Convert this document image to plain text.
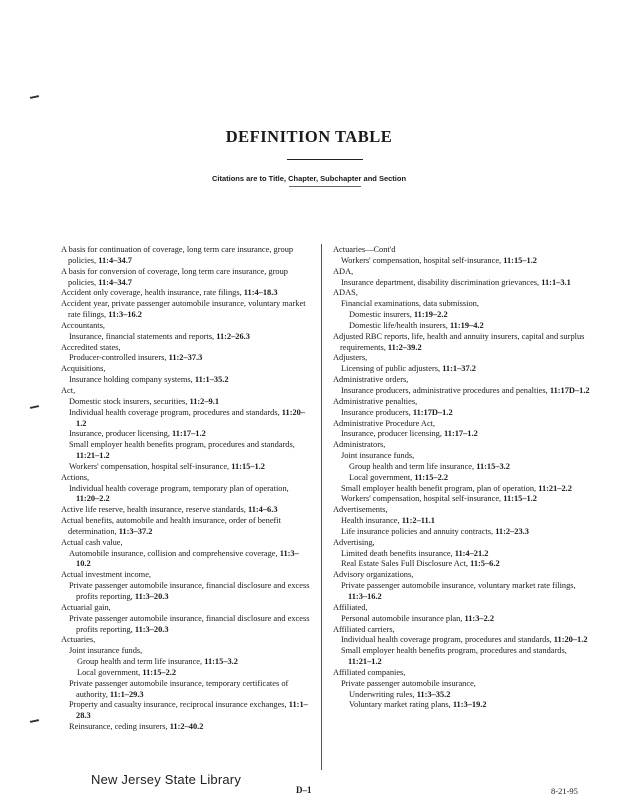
DEFINITION TABLE
Citations are to Title, Chapter, Subchapter and Section
A basis for continuation of coverage, long term care insurance, group policies, 11:4–34.7
A basis for conversion of coverage, long term care insurance, group policies, 11:4–34.7
Accident only coverage, health insurance, rate filings, 11:4–18.3
Accident year, private passenger automobile insurance, voluntary market rate filings, 11:3–16.2
Accountants,
Insurance, financial statements and reports, 11:2–26.3
Accredited states,
Producer-controlled insurers, 11:2–37.3
Acquisitions,
Insurance holding company systems, 11:1–35.2
Act,
Domestic stock insurers, securities, 11:2–9.1
Individual health coverage program, procedures and standards, 11:20–1.2
Insurance, producer licensing, 11:17–1.2
Small employer health benefits program, procedures and standards, 11:21–1.2
Workers' compensation, hospital self-insurance, 11:15–1.2
Actions,
Individual health coverage program, temporary plan of operation, 11:20–2.2
Active life reserve, health insurance, reserve standards, 11:4–6.3
Actual benefits, automobile and health insurance, order of benefit determination, 11:3–37.2
Actual cash value,
Automobile insurance, collision and comprehensive coverage, 11:3–10.2
Actual investment income,
Private passenger automobile insurance, financial disclosure and excess profits reporting, 11:3–20.3
Actuarial gain,
Private passenger automobile insurance, financial disclosure and excess profits reporting, 11:3–20.3
Actuaries,
Joint insurance funds,
Group health and term life insurance, 11:15–3.2
Local government, 11:15–2.2
Private passenger automobile insurance, temporary certificates of authority, 11:1–29.3
Property and casualty insurance, reciprocal insurance exchanges, 11:1–28.3
Reinsurance, ceding insurers, 11:2–40.2
Actuaries—Cont'd
Workers' compensation, hospital self-insurance, 11:15–1.2
ADA,
Insurance department, disability discrimination grievances, 11:1–3.1
ADAS,
Financial examinations, data submission,
Domestic insurers, 11:19–2.2
Domestic life/health insurers, 11:19–4.2
Adjusted RBC reports, life, health and annuity insurers, capital and surplus requirements, 11:2–39.2
Adjusters,
Licensing of public adjusters, 11:1–37.2
Administrative orders,
Insurance producers, administrative procedures and penalties, 11:17D–1.2
Administrative penalties,
Insurance producers, 11:17D–1.2
Administrative Procedure Act,
Insurance, producer licensing, 11:17–1.2
Administrators,
Joint insurance funds,
Group health and term life insurance, 11:15–3.2
Local government, 11:15–2.2
Small employer health benefit program, plan of operation, 11:21–2.2
Workers' compensation, hospital self-insurance, 11:15–1.2
Advertisements,
Health insurance, 11:2–11.1
Life insurance policies and annuity contracts, 11:2–23.3
Advertising,
Limited death benefits insurance, 11:4–21.2
Real Estate Sales Full Disclosure Act, 11:5–6.2
Advisory organizations,
Private passenger automobile insurance, voluntary market rate filings, 11:3–16.2
Affiliated,
Personal automobile insurance plan, 11:3–2.2
Affiliated carriers,
Individual health coverage program, procedures and standards, 11:20–1.2
Small employer health benefits program, procedures and standards, 11:21–1.2
Affiliated companies,
Private passenger automobile insurance,
Underwriting rules, 11:3–35.2
Voluntary market rating plans, 11:3–19.2
New Jersey State Library
D–1	8-21-95
